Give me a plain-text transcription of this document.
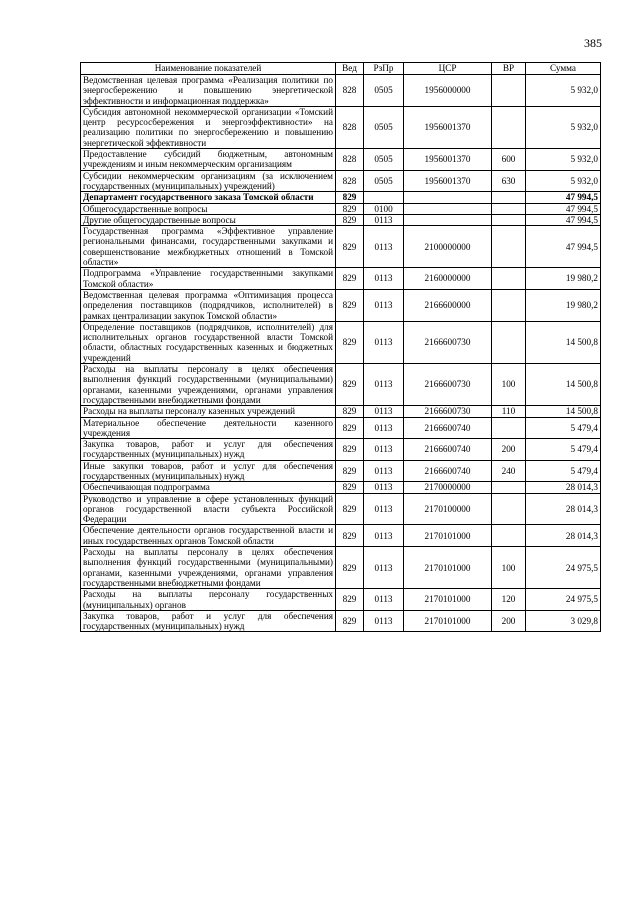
385
Наименование показателей	Вед	РзПр	ЦСР	ВР	Сумма
Ведомственная целевая программа «Реализация политики по энергосбережению и повышению энергетической эффективности и информационная поддержка»	828	0505	1956000000		5 932,0
Субсидия автономной некоммерческой организации «Томский центр ресурсосбережения и энергоэффективности» на реализацию политики по энергосбережению и повышению энергетической эффективности	828	0505	1956001370		5 932,0
Предоставление субсидий бюджетным, автономным учреждениям и иным некоммерческим организациям	828	0505	1956001370	600	5 932,0
Субсидии некоммерческим организациям (за исключением государственных (муниципальных) учреждений)	828	0505	1956001370	630	5 932,0
Департамент государственного заказа Томской области	829				47 994,5
Общегосударственные вопросы	829	0100			47 994,5
Другие общегосударственные вопросы	829	0113			47 994,5
Государственная программа «Эффективное управление региональными финансами, государственными закупками и совершенствование межбюджетных отношений в Томской области»	829	0113	2100000000		47 994,5
Подпрограмма «Управление государственными закупками Томской области»	829	0113	2160000000		19 980,2
Ведомственная целевая программа «Оптимизация процесса определения поставщиков (подрядчиков, исполнителей) в рамках централизации закупок Томской области»	829	0113	2166600000		19 980,2
Определение поставщиков (подрядчиков, исполнителей) для исполнительных органов государственной власти Томской области, областных государственных казенных и бюджетных учреждений	829	0113	2166600730		14 500,8
Расходы на выплаты персоналу в целях обеспечения выполнения функций государственными (муниципальными) органами, казенными учреждениями, органами управления государственными внебюджетными фондами	829	0113	2166600730	100	14 500,8
Расходы на выплаты персоналу казенных учреждений	829	0113	2166600730	110	14 500,8
Материальное обеспечение деятельности казенного учреждения	829	0113	2166600740		5 479,4
Закупка товаров, работ и услуг для обеспечения государственных (муниципальных) нужд	829	0113	2166600740	200	5 479,4
Иные закупки товаров, работ и услуг для обеспечения государственных (муниципальных) нужд	829	0113	2166600740	240	5 479,4
Обеспечивающая подпрограмма	829	0113	2170000000		28 014,3
Руководство и управление в сфере установленных функций органов государственной власти субъекта Российской Федерации	829	0113	2170100000		28 014,3
Обеспечение деятельности органов государственной власти и иных государственных органов Томской области	829	0113	2170101000		28 014,3
Расходы на выплаты персоналу в целях обеспечения выполнения функций государственными (муниципальными) органами, казенными учреждениями, органами управления государственными внебюджетными фондами	829	0113	2170101000	100	24 975,5
Расходы на выплаты персоналу государственных (муниципальных) органов	829	0113	2170101000	120	24 975,5
Закупка товаров, работ и услуг для обеспечения государственных (муниципальных) нужд	829	0113	2170101000	200	3 029,8
